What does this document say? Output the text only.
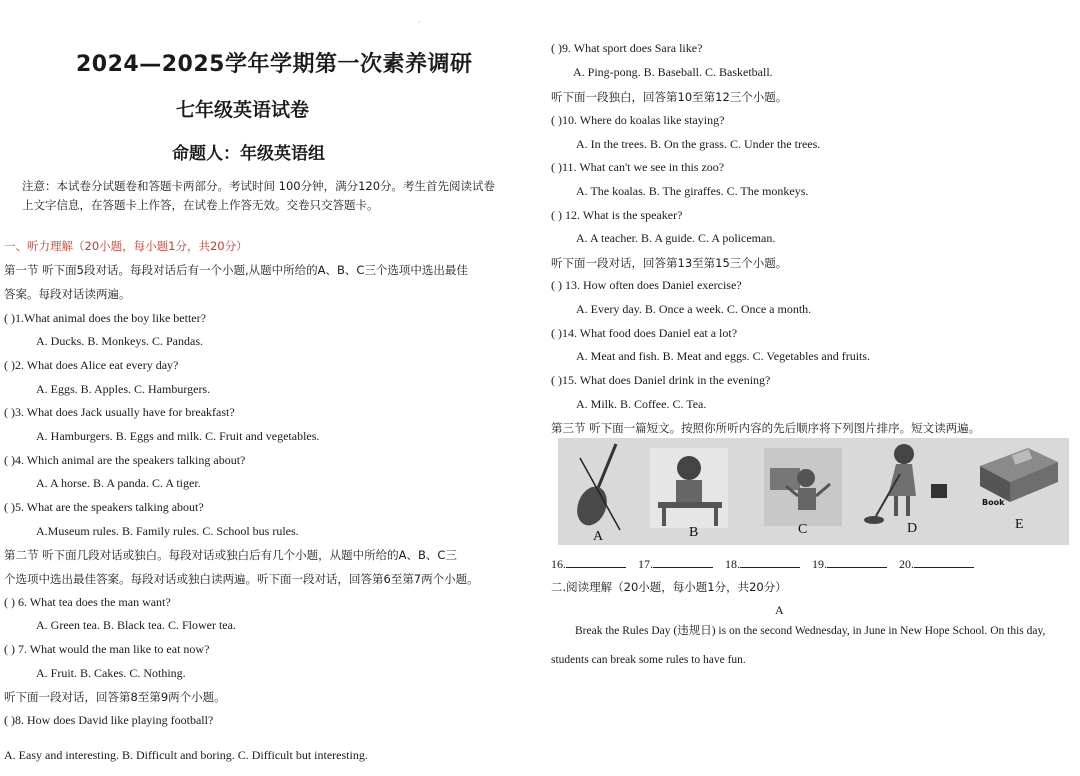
·
2024—2025学年学期第一次素养调研
七年级英语试卷
命题人：年级英语组
注意：本试卷分试题卷和答题卡两部分。考试时间 100分钟，满分120分。考生首先阅读试卷上文字信息，在答题卡上作答，在试卷上作答无效。交卷只交答题卡。
一、听力理解（20小题，每小题1分，共20分）
第一节 听下面5段对话。每段对话后有一个小题,从题中所给的A、B、C三个选项中选出最佳
答案。每段对话读两遍。
( )1.What animal does the boy like better?
A. Ducks. B. Monkeys. C. Pandas.
( )2. What does Alice eat every day?
A. Eggs. B. Apples. C. Hamburgers.
( )3. What does Jack usually have for breakfast?
A. Hamburgers. B. Eggs and milk. C. Fruit and vegetables.
( )4. Which animal are the speakers talking about?
A. A horse. B. A panda. C. A tiger.
( )5. What are the speakers talking about?
A.Museum rules. B. Family rules. C. School bus rules.
第二节 听下面几段对话或独白。每段对话或独白后有几个小题，从题中所给的A、B、C三
个选项中选出最佳答案。每段对话或独白读两遍。听下面一段对话，回答第6至第7两个小题。
( ) 6. What tea does the man want?
A. Green tea. B. Black tea. C. Flower tea.
( ) 7. What would the man like to eat now?
A. Fruit. B. Cakes. C. Nothing.
听下面一段对话，回答第8至第9两个小题。
( )8. How does David like playing football?
A. Easy and interesting. B. Difficult and boring. C. Difficult but interesting.
( )9. What sport does Sara like?
A. Ping-pong. B. Baseball. C. Basketball.
听下面一段独白，回答第10至第12三个小题。
( )10. Where do koalas like staying?
A. In the trees. B. On the grass. C. Under the trees.
( )11. What can't we see in this zoo?
A. The koalas. B. The giraffes. C. The monkeys.
( ) 12. What is the speaker?
A. A teacher. B. A guide. C. A policeman.
听下面一段对话，回答第13至第15三个小题。
( ) 13. How often does Daniel exercise?
A. Every day. B. Once a week. C. Once a month.
( )14. What food does Daniel eat a lot?
A. Meat and fish. B. Meat and eggs. C. Vegetables and fruits.
( )15. What does Daniel drink in the evening?
A. Milk. B. Coffee. C. Tea.
第三节 听下面一篇短文。按照你所听内容的先后顺序将下列图片排序。短文读两遍。
A	B	C	D	E
Book
16.	17.	18.	19.	20.
二.阅读理解（20小题，每小题1分，共20分）
A
Break the Rules Day (违规日) is on the second Wednesday, in June in New Hope School. On this day, students can break some rules to have fun.
